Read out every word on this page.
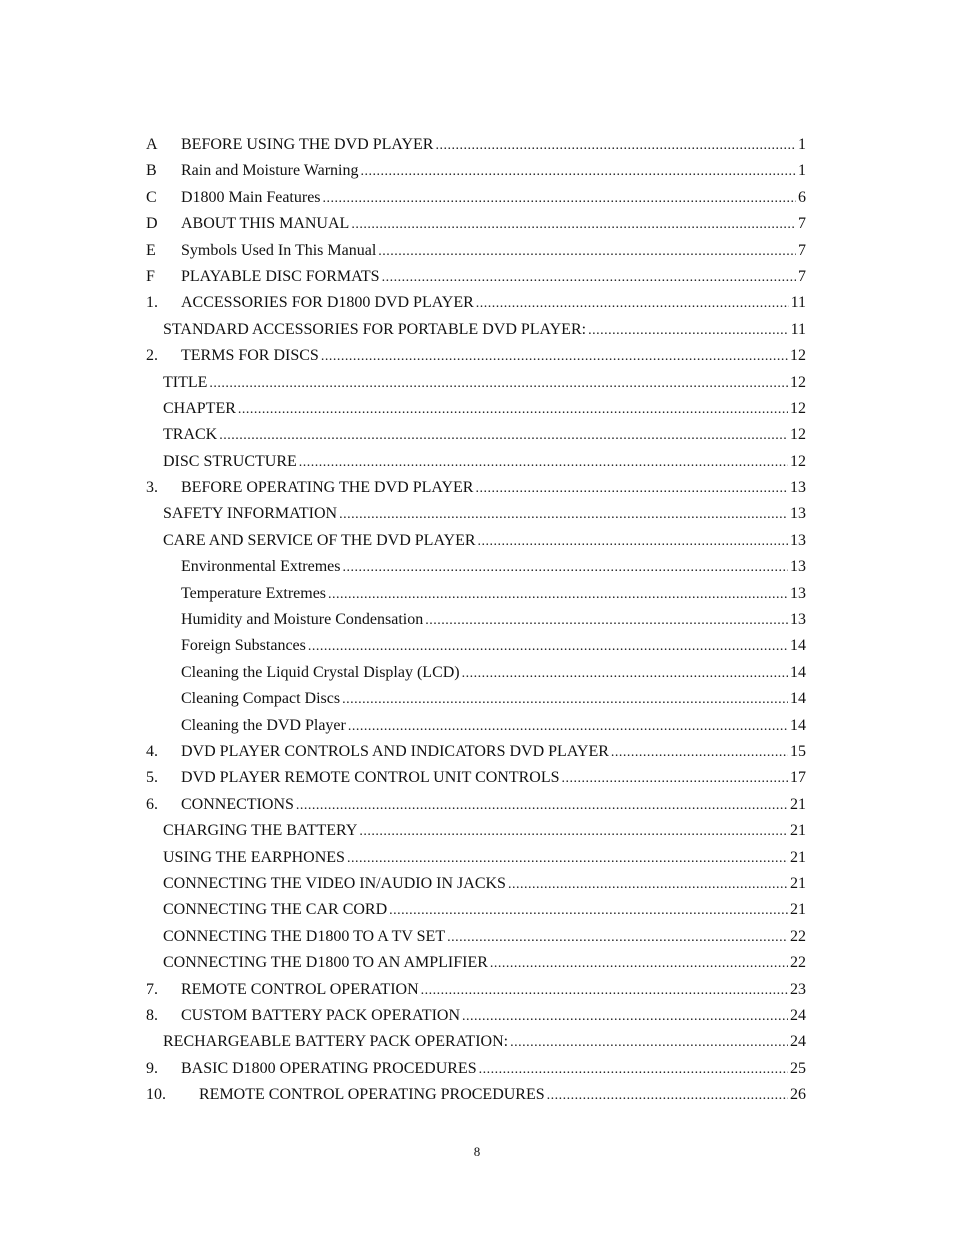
A	BEFORE USING THE DVD PLAYER .....	1
B	Rain and Moisture Warning .....	1
C	D1800 Main Features .....	6
D	ABOUT THIS MANUAL .....	7
E	Symbols Used In This Manual .....	7
F	PLAYABLE DISC FORMATS .....	7
1.	ACCESSORIES FOR D1800 DVD PLAYER .....	11
STANDARD ACCESSORIES FOR PORTABLE DVD PLAYER: .....	11
2.	TERMS FOR DISCS .....	12
TITLE .....	12
CHAPTER .....	12
TRACK .....	12
DISC STRUCTURE .....	12
3.	BEFORE OPERATING THE DVD PLAYER .....	13
SAFETY INFORMATION .....	13
CARE AND SERVICE OF THE DVD PLAYER .....	13
Environmental Extremes .....	13
Temperature Extremes .....	13
Humidity and Moisture Condensation .....	13
Foreign Substances .....	14
Cleaning the Liquid Crystal Display (LCD) .....	14
Cleaning Compact Discs .....	14
Cleaning the DVD Player .....	14
4.	DVD PLAYER CONTROLS AND INDICATORS DVD PLAYER .....	15
5.	DVD PLAYER REMOTE CONTROL UNIT CONTROLS .....	17
6.	CONNECTIONS .....	21
CHARGING THE BATTERY .....	21
USING THE EARPHONES .....	21
CONNECTING THE VIDEO IN/AUDIO IN JACKS .....	21
CONNECTING THE CAR CORD .....	21
CONNECTING THE D1800 TO A TV SET .....	22
CONNECTING THE D1800 TO AN AMPLIFIER .....	22
7.	REMOTE CONTROL OPERATION .....	23
8.	CUSTOM BATTERY PACK OPERATION .....	24
RECHARGEABLE BATTERY PACK OPERATION: .....	24
9.	BASIC D1800 OPERATING PROCEDURES .....	25
10.	REMOTE CONTROL OPERATING PROCEDURES .....	26
8
